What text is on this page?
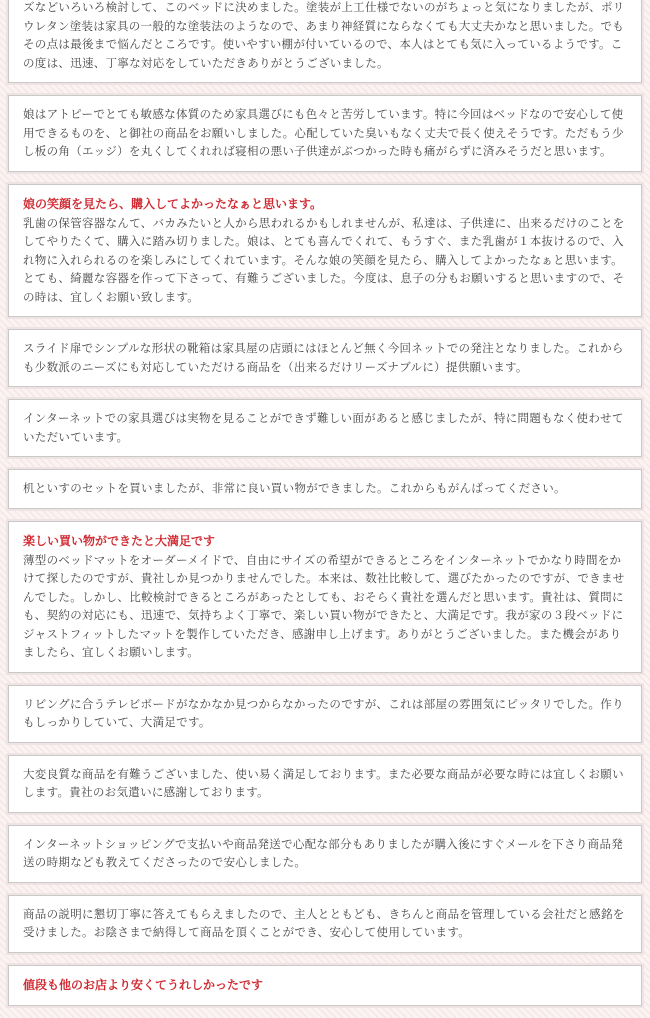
ズなどいろいろ検討して、このベッドに決めました。塗装が上工仕様でないのがちょっと気になりましたが、ポリウレタン塗装は家具の一般的な塗装法のようなので、あまり神経質にならなくても大丈夫かなと思いました。でもその点は最後まで悩んだところです。使いやすい棚が付いているので、本人はとても気に入っているようです。この度は、迅速、丁寧な対応をしていただきありがとうございました。
娘はアトピーでとても敏感な体質のため家具選びにも色々と苦労しています。特に今回はベッドなので安心して使用できるものを、と御社の商品をお願いしました。心配していた臭いもなく丈夫で長く使えそうです。ただもう少し板の角（エッジ）を丸くしてくれれば寝相の悪い子供達がぶつかった時も痛がらずに済みそうだと思います。
娘の笑顔を見たら、購入してよかったなぁと思います。
乳歯の保管容器なんて、バカみたいと人から思われるかもしれませんが、私達は、子供達に、出来るだけのことをしてやりたくて、購入に踏み切りました。娘は、とても喜んでくれて、もうすぐ、また乳歯が１本抜けるので、入れ物に入れられるのを楽しみにしてくれています。そんな娘の笑顔を見たら、購入してよかったなぁと思います。とても、綺麗な容器を作って下さって、有難うございました。今度は、息子の分もお願いすると思いますので、その時は、宜しくお願い致します。
スライド扉でシンプルな形状の靴箱は家具屋の店頭にはほとんど無く今回ネットでの発注となりました。これからも少数派のニーズにも対応していただける商品を（出来るだけリーズナブルに）提供願います。
インターネットでの家具選びは実物を見ることができず難しい面があると感じましたが、特に問題もなく使わせていただいています。
机といすのセットを買いましたが、非常に良い買い物ができました。これからもがんばってください。
楽しい買い物ができたと大満足です
薄型のベッドマットをオーダーメイドで、自由にサイズの希望ができるところをインターネットでかなり時間をかけて探したのですが、貴社しか見つかりませんでした。本来は、数社比較して、選びたかったのですが、できませんでした。しかし、比較検討できるところがあったとしても、おそらく貴社を選んだと思います。貴社は、質問にも、契約の対応にも、迅速で、気持ちよく丁寧で、楽しい買い物ができたと、大満足です。我が家の３段ベッドにジャストフィットしたマットを製作していただき、感謝申し上げます。ありがとうございました。また機会がありましたら、宜しくお願いします。
リビングに合うテレビボードがなかなか見つからなかったのですが、これは部屋の雰囲気にピッタリでした。作りもしっかりしていて、大満足です。
大変良質な商品を有難うございました、使い易く満足しております。また必要な商品が必要な時には宜しくお願いします。貴社のお気遣いに感謝しております。
インターネットショッピングで支払いや商品発送で心配な部分もありましたが購入後にすぐメールを下さり商品発送の時期なども教えてくださったので安心しました。
商品の説明に懇切丁寧に答えてもらえましたので、主人とともども、きちんと商品を管理している会社だと感銘を受けました。お陰さまで納得して商品を頂くことができ、安心して使用しています。
値段も他のお店より安くてうれしかったです
